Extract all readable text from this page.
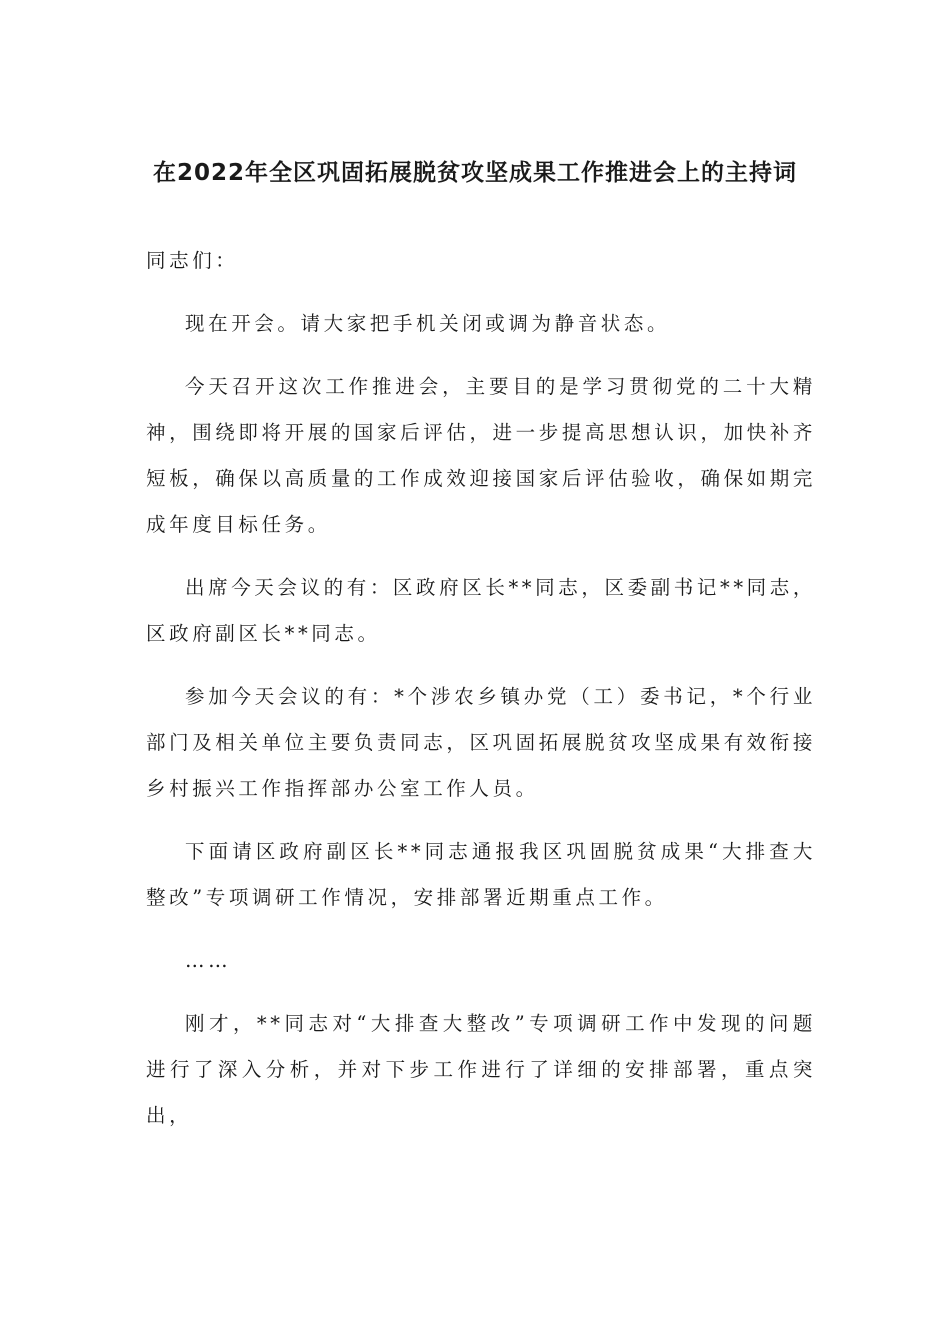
在2022年全区巩固拓展脱贫攻坚成果工作推进会上的主持词

同志们：

现在开会。请大家把手机关闭或调为静音状态。

今天召开这次工作推进会，主要目的是学习贯彻党的二十大精神，围绕即将开展的国家后评估，进一步提高思想认识，加快补齐短板，确保以高质量的工作成效迎接国家后评估验收，确保如期完成年度目标任务。

出席今天会议的有：区政府区长**同志，区委副书记**同志，区政府副区长**同志。

参加今天会议的有：*个涉农乡镇办党（工）委书记，*个行业部门及相关单位主要负责同志，区巩固拓展脱贫攻坚成果有效衔接乡村振兴工作指挥部办公室工作人员。

下面请区政府副区长**同志通报我区巩固脱贫成果“大排查大整改”专项调研工作情况，安排部署近期重点工作。

……

刚才，**同志对“大排查大整改”专项调研工作中发现的问题进行了深入分析，并对下步工作进行了详细的安排部署，重点突出，
